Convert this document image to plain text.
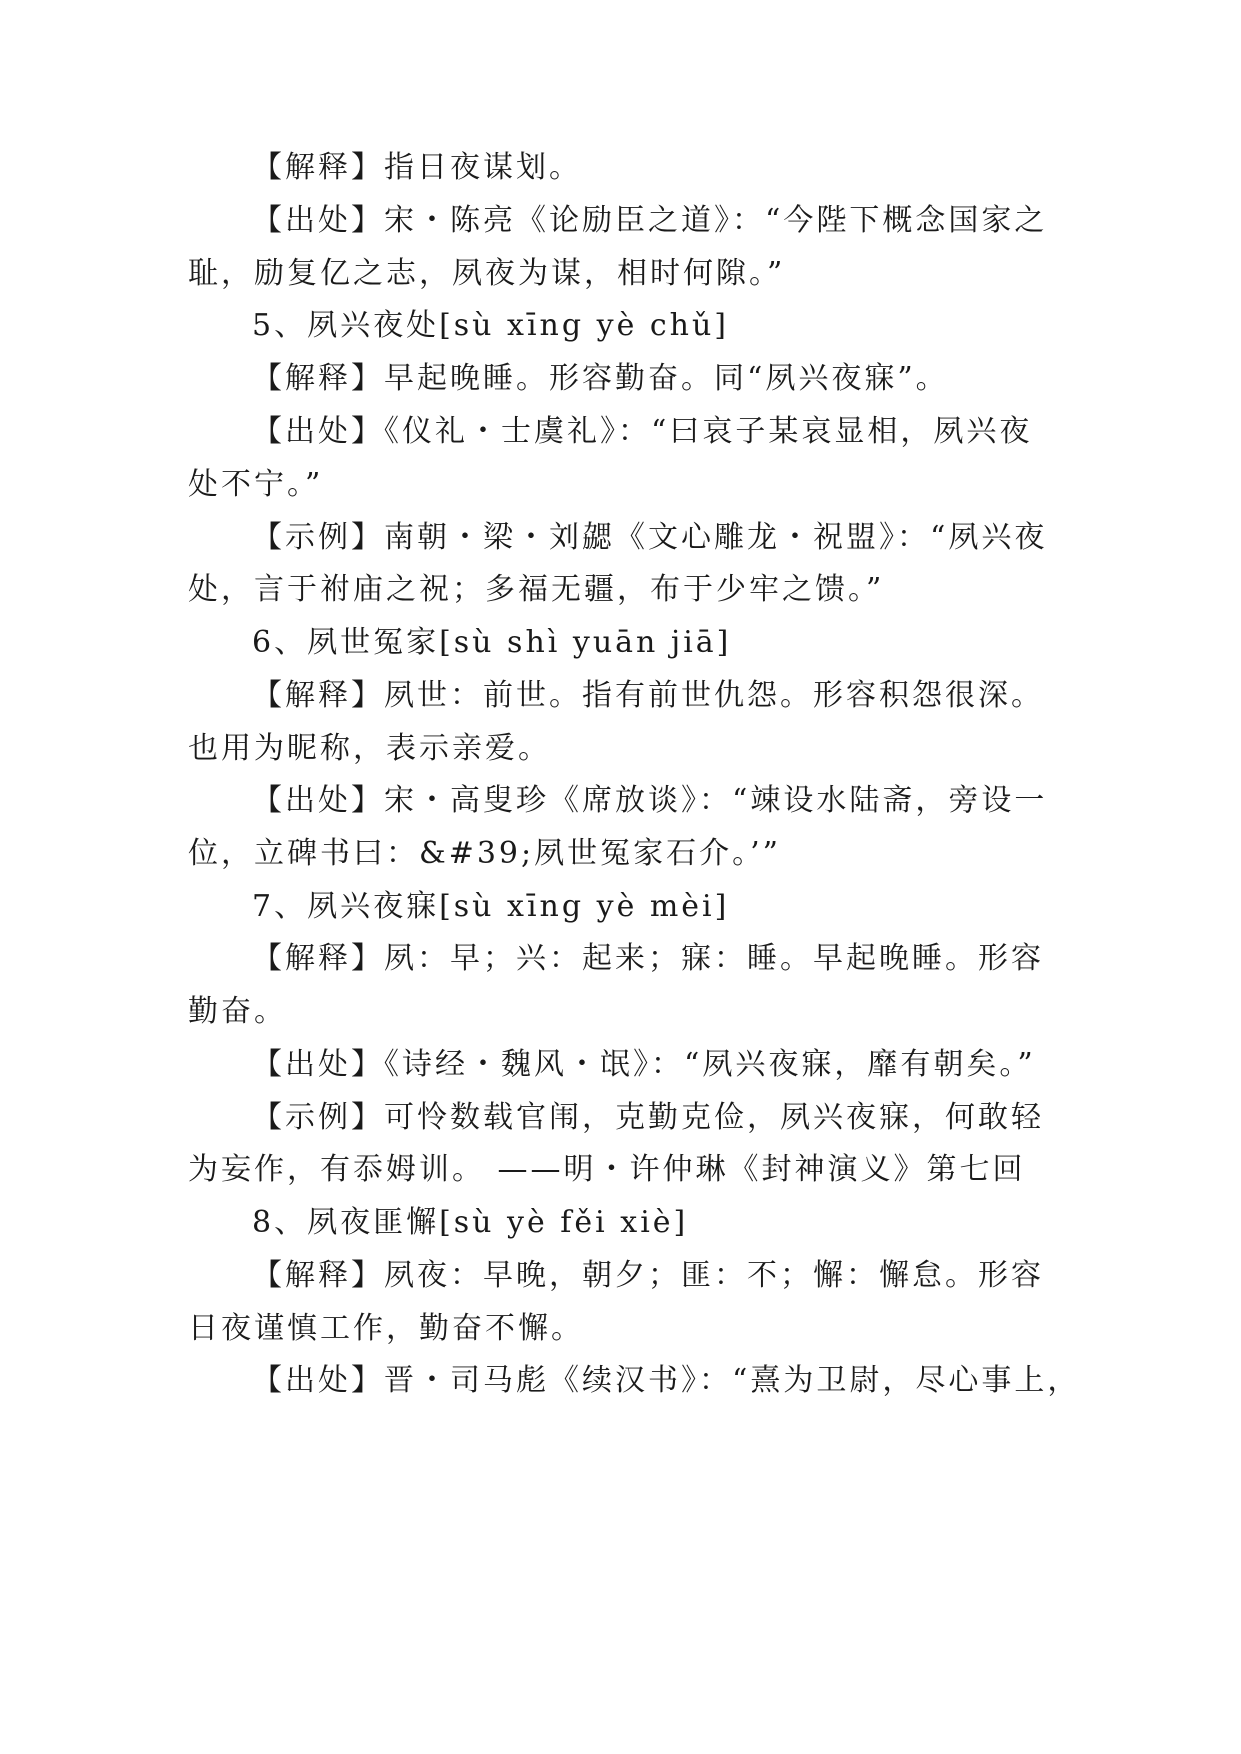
【解释】指日夜谋划。
【出处】宋・陈亮《论励臣之道》：“今陛下概念国家之
耻，励复亿之志，夙夜为谋，相时何隙。”
5、夙兴夜处[sù xīng yè chǔ]
【解释】早起晚睡。形容勤奋。同“夙兴夜寐”。
【出处】《仪礼・士虞礼》：“曰哀子某哀显相，夙兴夜
处不宁。”
【示例】南朝・梁・刘勰《文心雕龙・祝盟》：“夙兴夜
处，言于祔庙之祝；多福无疆，布于少牢之馈。”
6、夙世冤家[sù shì yuān jiā]
【解释】夙世：前世。指有前世仇怨。形容积怨很深。
也用为昵称，表示亲爱。
【出处】宋・高叟珍《席放谈》：“竦设水陆斋，旁设一
位，立碑书曰：&#39;夙世冤家石介。’”
7、夙兴夜寐[sù xīng yè mèi]
【解释】夙：早；兴：起来；寐：睡。早起晚睡。形容
勤奋。
【出处】《诗经・魏风・氓》：“夙兴夜寐，靡有朝矣。”
【示例】可怜数载官闱，克勤克俭，夙兴夜寐，何敢轻
为妄作，有忝姆训。 ——明・许仲琳《封神演义》第七回
8、夙夜匪懈[sù yè fěi xiè]
【解释】夙夜：早晚，朝夕；匪：不；懈：懈怠。形容
日夜谨慎工作，勤奋不懈。
【出处】晋・司马彪《续汉书》：“熹为卫尉，尽心事上，
